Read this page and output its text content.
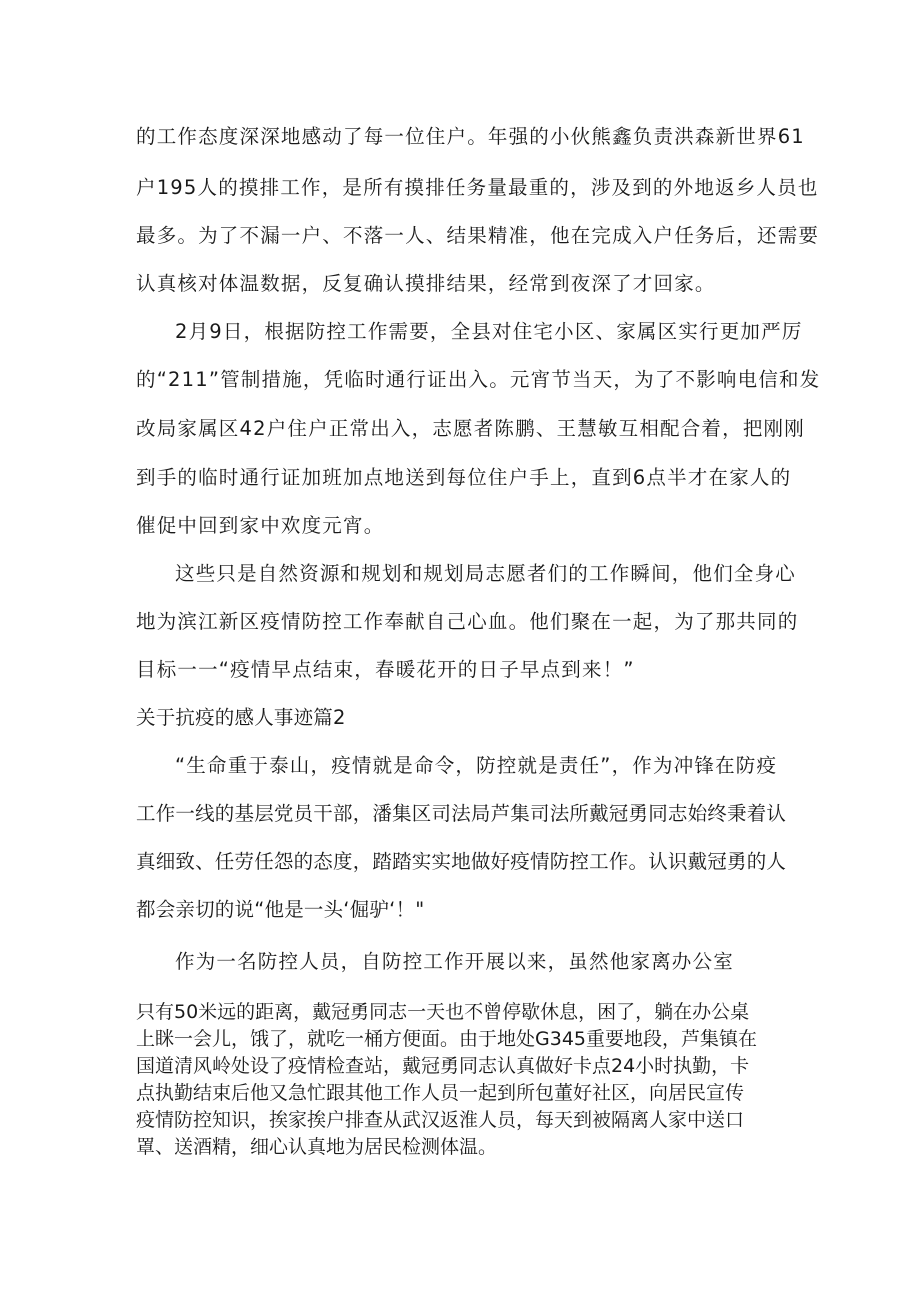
的工作态度深深地感动了每一位住户。年强的小伙熊鑫负责洪森新世界61
户195人的摸排工作，是所有摸排任务量最重的，涉及到的外地返乡人员也
最多。为了不漏一户、不落一人、结果精准，他在完成入户任务后，还需要
认真核对体温数据，反复确认摸排结果，经常到夜深了才回家。
2月9日，根据防控工作需要，全县对住宅小区、家属区实行更加严厉
的“211”管制措施，凭临时通行证出入。元宵节当天，为了不影响电信和发
改局家属区42户住户正常出入，志愿者陈鹏、王慧敏互相配合着，把刚刚
到手的临时通行证加班加点地送到每位住户手上，直到6点半才在家人的
催促中回到家中欢度元宵。
这些只是自然资源和规划和规划局志愿者们的工作瞬间，他们全身心
地为滨江新区疫情防控工作奉献自己心血。他们聚在一起，为了那共同的
目标一一“疫情早点结束，春暖花开的日子早点到来！”
关于抗疫的感人事迹篇2
“生命重于泰山，疫情就是命令，防控就是责任”，作为冲锋在防疫
工作一线的基层党员干部，潘集区司法局芦集司法所戴冠勇同志始终秉着认
真细致、任劳任怨的态度，踏踏实实地做好疫情防控工作。认识戴冠勇的人
都会亲切的说“他是一头‘倔驴‘！"
作为一名防控人员，自防控工作开展以来，虽然他家离办公室
只有50米远的距离，戴冠勇同志一天也不曾停歇休息，困了，躺在办公桌
上眯一会儿，饿了，就吃一桶方便面。由于地处G345重要地段，芦集镇在
国道清风岭处设了疫情检查站，戴冠勇同志认真做好卡点24小时执勤，卡
点执勤结束后他又急忙跟其他工作人员一起到所包董好社区，向居民宣传
疫情防控知识，挨家挨户排查从武汉返淮人员，每天到被隔离人家中送口
罩、送酒精，细心认真地为居民检测体温。
